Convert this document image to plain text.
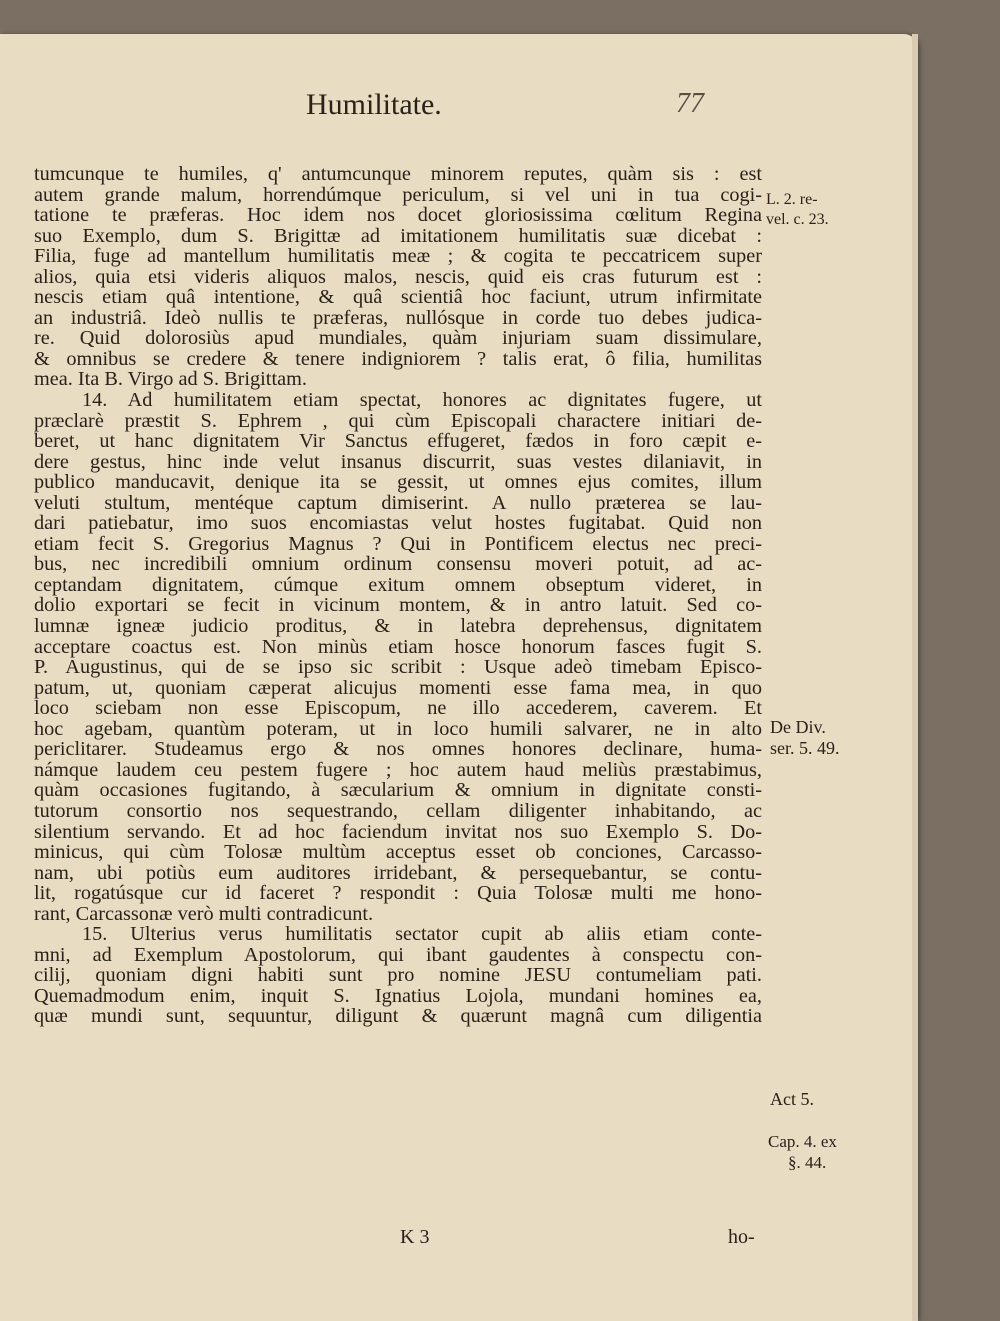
Humilitate.	77
tumcunque te humiles, q' antumcunque minorem reputes, quàm sis : est
autem grande malum, horrendúmque periculum, si vel uni in tua cogi-
tatione te præferas. Hoc idem nos docet gloriosissima cœlitum Regina
suo Exemplo, dum S. Brigittæ ad imitationem humilitatis suæ dicebat :
Filia, fuge ad mantellum humilitatis meæ ; & cogita te peccatricem super
alios, quia etsi videris aliquos malos, nescis, quid eis cras futurum est :
nescis etiam quâ intentione, & quâ scientiâ hoc faciunt, utrum infirmitate
an industriâ. Ideò nullis te præferas, nullósque in corde tuo debes judica-
re. Quid dolorosiùs apud mundiales, quàm injuriam suam dissimulare,
& omnibus se credere & tenere indigniorem ? talis erat, ô filia, humilitas
mea. Ita B. Virgo ad S. Brigittam.
14. Ad humilitatem etiam spectat, honores ac dignitates fugere, ut
præclarè præstit S. Ephrem , qui cùm Episcopali charactere initiari de-
beret, ut hanc dignitatem Vir Sanctus effugeret, fædos in foro cæpit e-
dere gestus, hinc inde velut insanus discurrit, suas vestes dilaniavit, in
publico manducavit, denique ita se gessit, ut omnes ejus comites, illum
veluti stultum, mentéque captum dimiserint. A nullo præterea se lau-
dari patiebatur, imo suos encomiastas velut hostes fugitabat. Quid non
etiam fecit S. Gregorius Magnus ? Qui in Pontificem electus nec preci-
bus, nec incredibili omnium ordinum consensu moveri potuit, ad ac-
ceptandam dignitatem, cúmque exitum omnem obseptum videret, in
dolio exportari se fecit in vicinum montem, & in antro latuit. Sed co-
lumnæ igneæ judicio proditus, & in latebra deprehensus, dignitatem
acceptare coactus est. Non minùs etiam hosce honorum fasces fugit S.
P. Augustinus, qui de se ipso sic scribit : Usque adeò timebam Episco-
patum, ut, quoniam cæperat alicujus momenti esse fama mea, in quo
loco sciebam non esse Episcopum, ne illo accederem, caverem. Et
hoc agebam, quantùm poteram, ut in loco humili salvarer, ne in alto
periclitarer. Studeamus ergo & nos omnes honores declinare, huma-
námque laudem ceu pestem fugere ; hoc autem haud meliùs præstabimus,
quàm occasiones fugitando, à sæcularium & omnium in dignitate consti-
tutorum consortio nos sequestrando, cellam diligenter inhabitando, ac
silentium servando. Et ad hoc faciendum invitat nos suo Exemplo S. Do-
minicus, qui cùm Tolosæ multùm acceptus esset ob conciones, Carcasso-
nam, ubi potiùs eum auditores irridebant, & persequebantur, se contu-
lit, rogatúsque cur id faceret ? respondit : Quia Tolosæ multi me hono-
rant, Carcassonæ verò multi contradicunt.
15. Ulterius verus humilitatis sectator cupit ab aliis etiam conte-
mni, ad Exemplum Apostolorum, qui ibant gaudentes à conspectu con-
cilij, quoniam digni habiti sunt pro nomine JESU contumeliam pati.
Quemadmodum enim, inquit S. Ignatius Lojola, mundani homines ea,
quæ mundi sunt, sequuntur, diligunt & quærunt magnâ cum diligentia
L. 2. re-
vel. c. 23.
De Div.
ser. 5. 49.
Act 5.
Cap. 4. ex
§. 44.
K 3	ho-
